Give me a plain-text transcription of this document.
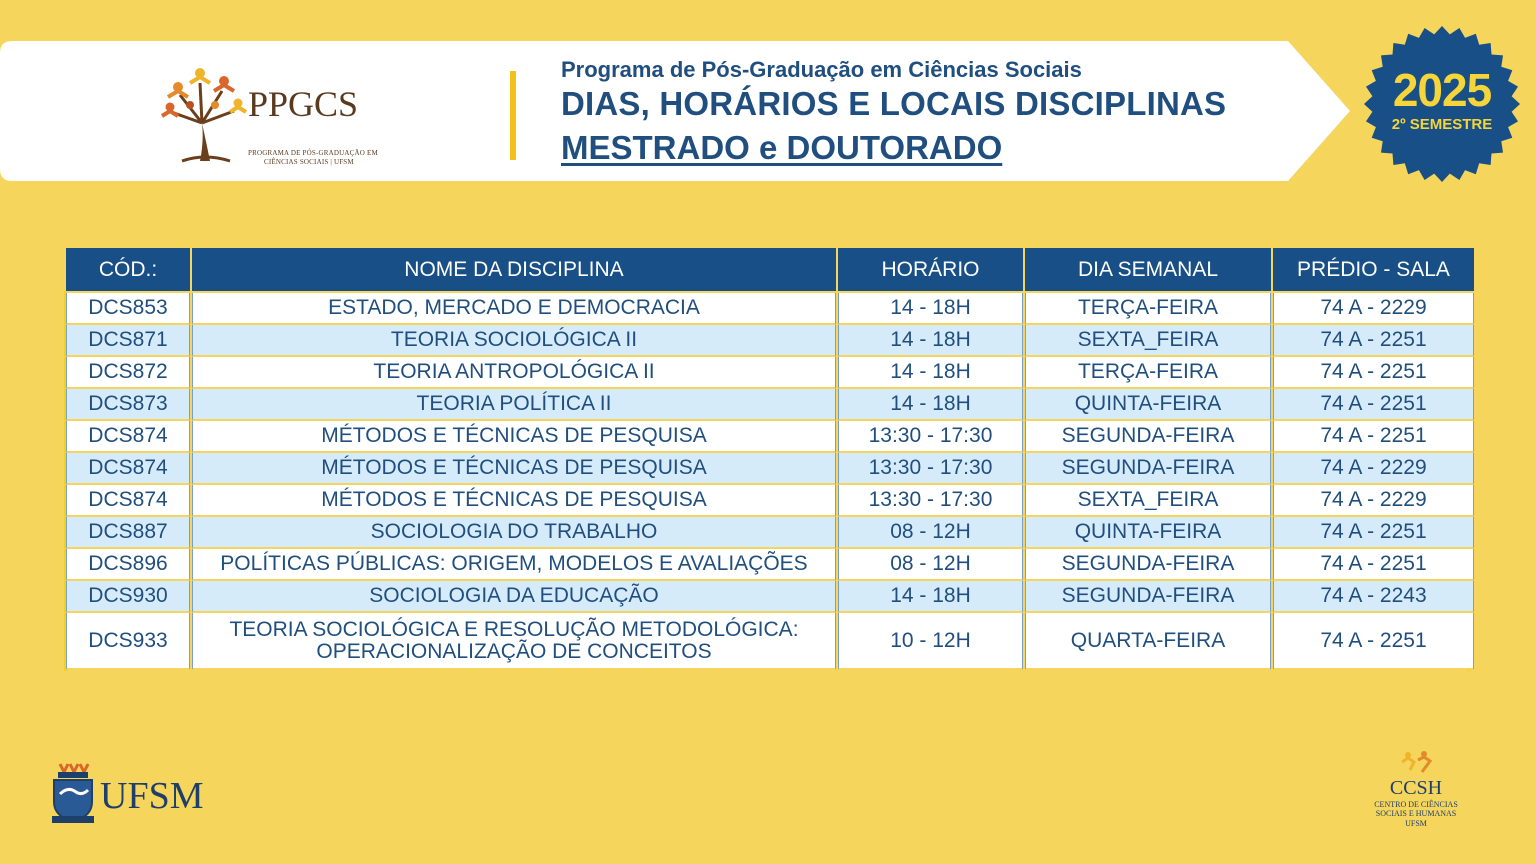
PPGCS
PROGRAMA DE PÓS-GRADUAÇÃO EM
CIÊNCIAS SOCIAIS | UFSM
Programa de Pós-Graduação em Ciências Sociais
DIAS, HORÁRIOS E LOCAIS DISCIPLINAS
MESTRADO e DOUTORADO
2025
2º SEMESTRE
CÓD.:	NOME DA DISCIPLINA	HORÁRIO	DIA SEMANAL	PRÉDIO - SALA
DCS853	ESTADO, MERCADO E DEMOCRACIA	14 - 18H	TERÇA-FEIRA	74 A - 2229
DCS871	TEORIA SOCIOLÓGICA II	14 - 18H	SEXTA_FEIRA	74 A - 2251
DCS872	TEORIA ANTROPOLÓGICA II	14 - 18H	TERÇA-FEIRA	74 A - 2251
DCS873	TEORIA POLÍTICA II	14 - 18H	QUINTA-FEIRA	74 A - 2251
DCS874	MÉTODOS E TÉCNICAS DE PESQUISA	13:30 - 17:30	SEGUNDA-FEIRA	74 A - 2251
DCS874	MÉTODOS E TÉCNICAS DE PESQUISA	13:30 - 17:30	SEGUNDA-FEIRA	74 A - 2229
DCS874	MÉTODOS E TÉCNICAS DE PESQUISA	13:30 - 17:30	SEXTA_FEIRA	74 A - 2229
DCS887	SOCIOLOGIA DO TRABALHO	08 - 12H	QUINTA-FEIRA	74 A - 2251
DCS896	POLÍTICAS PÚBLICAS: ORIGEM, MODELOS E AVALIAÇÕES	08 - 12H	SEGUNDA-FEIRA	74 A - 2251
DCS930	SOCIOLOGIA DA EDUCAÇÃO	14 - 18H	SEGUNDA-FEIRA	74 A - 2243
DCS933	TEORIA SOCIOLÓGICA E RESOLUÇÃO METODOLÓGICA:
OPERACIONALIZAÇÃO DE CONCEITOS	10 - 12H	QUARTA-FEIRA	74 A - 2251
UFSM	CCSH
CENTRO DE CIÊNCIAS
SOCIAIS E HUMANAS
UFSM
